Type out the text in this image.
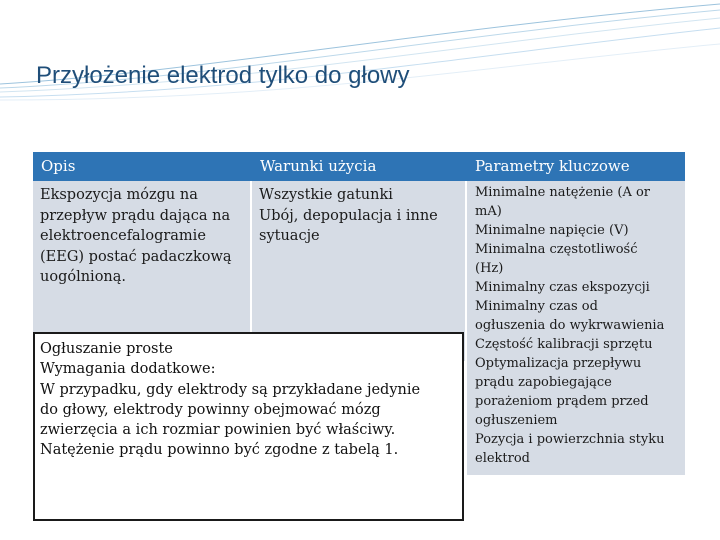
Przyłożenie elektrod tylko do głowy
Opis	Warunki użycia	Parametry kluczowe
Ekspozycja mózgu na
przepływ prądu dająca na
elektroencefalogramie
(EEG) postać padaczkową
uogólnioną.
Wszystkie gatunki
Ubój, depopulacja i inne
sytuacje
Minimalne natężenie (A or
mA)
Minimalne napięcie (V)
Minimalna częstotliwość
(Hz)
Minimalny czas ekspozycji
Minimalny czas od
ogłuszenia do wykrwawienia
Częstość kalibracji sprzętu
Optymalizacja przepływu
prądu zapobiegające
porażeniom prądem przed
ogłuszeniem
Pozycja i powierzchnia styku
elektrod
Ogłuszanie proste
Wymagania dodatkowe:
W przypadku, gdy elektrody są przykładane jedynie
do głowy, elektrody powinny obejmować mózg
zwierzęcia a ich rozmiar powinien być właściwy.
Natężenie prądu powinno być zgodne z tabelą 1.
